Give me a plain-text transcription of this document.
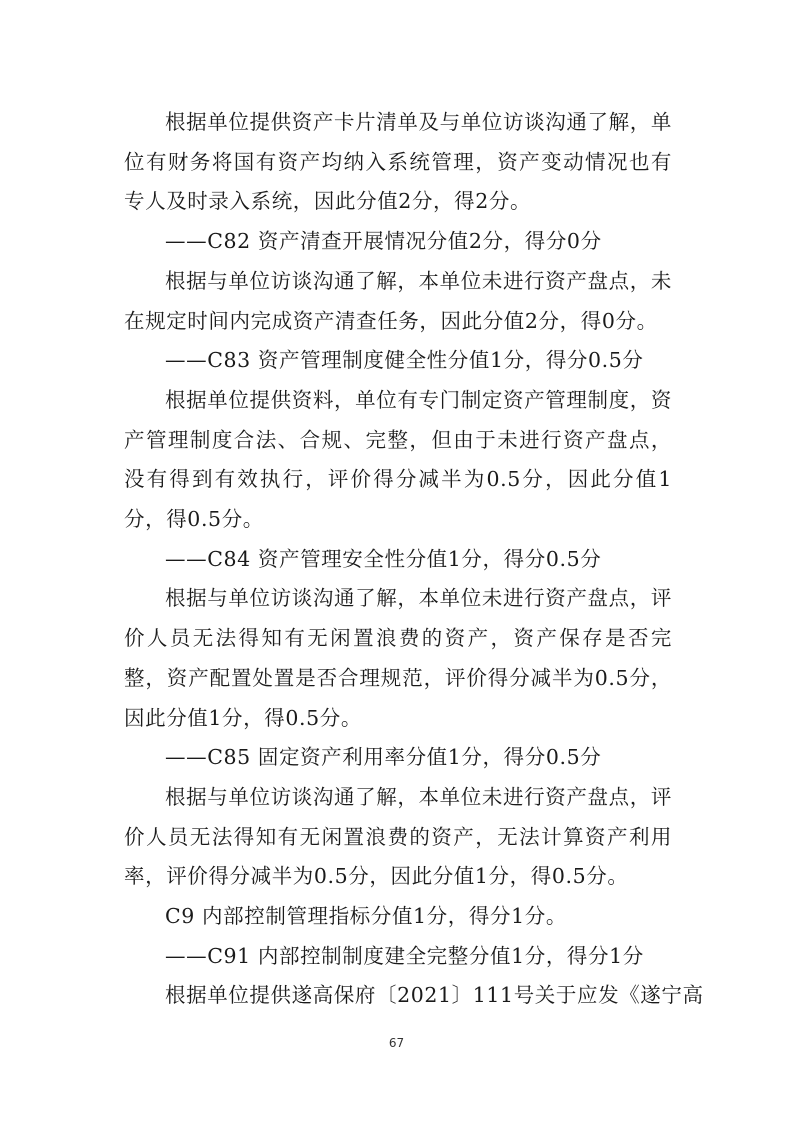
根据单位提供资产卡片清单及与单位访谈沟通了解，单位有财务将国有资产均纳入系统管理，资产变动情况也有专人及时录入系统，因此分值2分，得2分。

——C82 资产清查开展情况分值2分，得分0分

根据与单位访谈沟通了解，本单位未进行资产盘点，未在规定时间内完成资产清查任务，因此分值2分，得0分。

——C83 资产管理制度健全性分值1分，得分0.5分

根据单位提供资料，单位有专门制定资产管理制度，资产管理制度合法、合规、完整，但由于未进行资产盘点，没有得到有效执行，评价得分减半为0.5分，因此分值1分，得0.5分。

——C84 资产管理安全性分值1分，得分0.5分

根据与单位访谈沟通了解，本单位未进行资产盘点，评价人员无法得知有无闲置浪费的资产，资产保存是否完整，资产配置处置是否合理规范，评价得分减半为0.5分，因此分值1分，得0.5分。

——C85 固定资产利用率分值1分，得分0.5分

根据与单位访谈沟通了解，本单位未进行资产盘点，评价人员无法得知有无闲置浪费的资产，无法计算资产利用率，评价得分减半为0.5分，因此分值1分，得0.5分。

C9 内部控制管理指标分值1分，得分1分。

——C91 内部控制制度建全完整分值1分，得分1分

根据单位提供遂高保府〔2021〕111号关于应发《遂宁高

67
